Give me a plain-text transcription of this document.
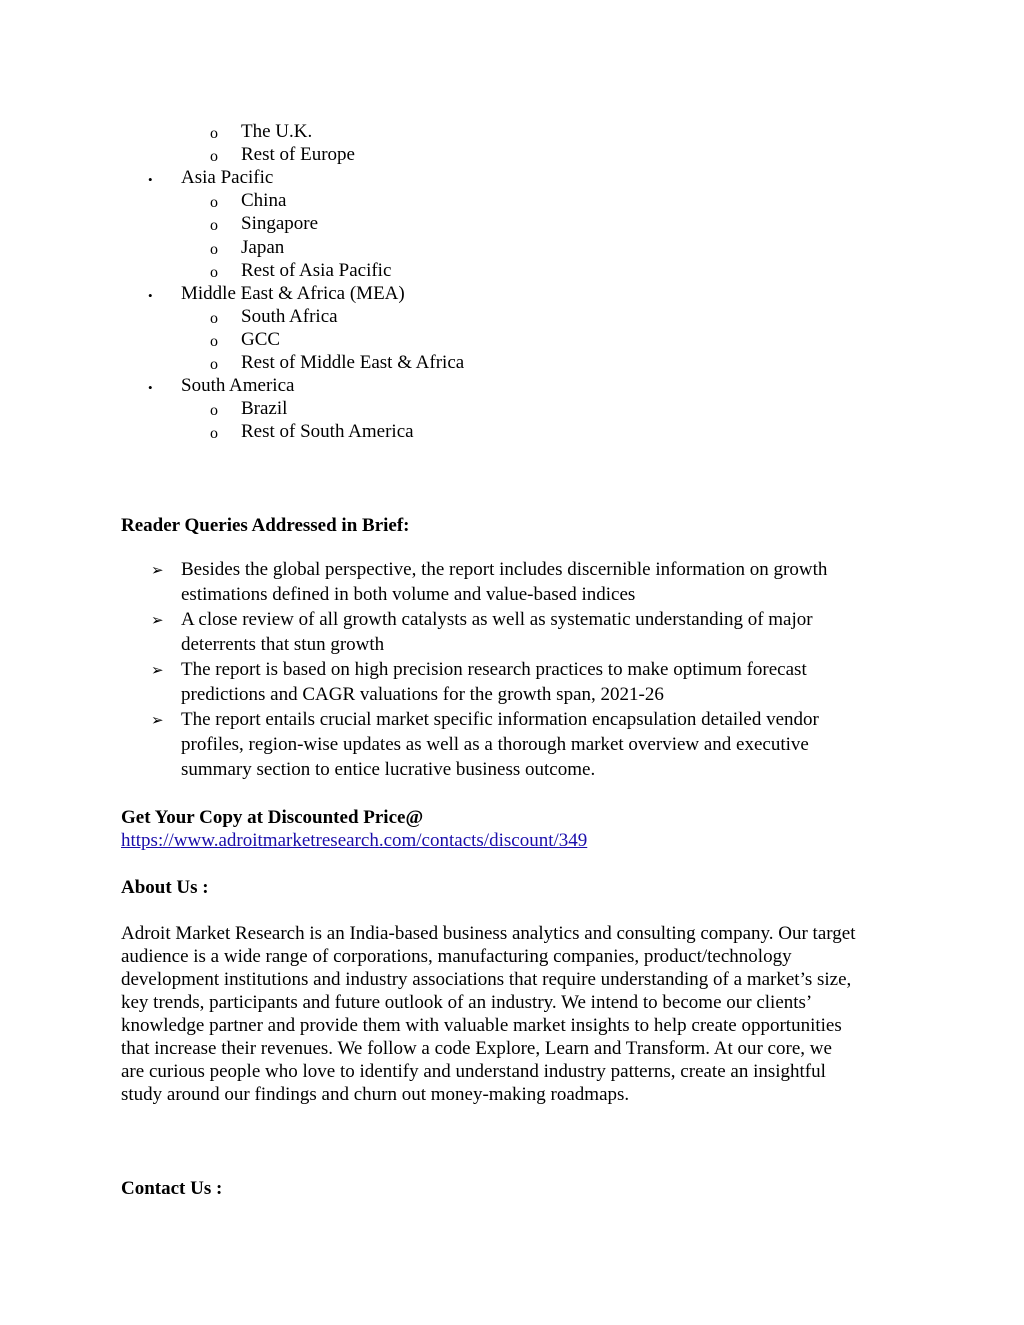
o The U.K.
o Rest of Europe
• Asia Pacific
o China
o Singapore
o Japan
o Rest of Asia Pacific
• Middle East & Africa (MEA)
o South Africa
o GCC
o Rest of Middle East & Africa
• South America
o Brazil
o Rest of South America
Reader Queries Addressed in Brief:
➢ Besides the global perspective, the report includes discernible information on growth estimations defined in both volume and value-based indices
➢ A close review of all growth catalysts as well as systematic understanding of major deterrents that stun growth
➢ The report is based on high precision research practices to make optimum forecast predictions and CAGR valuations for the growth span, 2021-26
➢ The report entails crucial market specific information encapsulation detailed vendor profiles, region-wise updates as well as a thorough market overview and executive summary section to entice lucrative business outcome.
Get Your Copy at Discounted Price@
https://www.adroitmarketresearch.com/contacts/discount/349
About Us :
Adroit Market Research is an India-based business analytics and consulting company. Our target
audience is a wide range of corporations, manufacturing companies, product/technology
development institutions and industry associations that require understanding of a market’s size,
key trends, participants and future outlook of an industry. We intend to become our clients’
knowledge partner and provide them with valuable market insights to help create opportunities
that increase their revenues. We follow a code Explore, Learn and Transform. At our core, we
are curious people who love to identify and understand industry patterns, create an insightful
study around our findings and churn out money-making roadmaps.
Contact Us :
